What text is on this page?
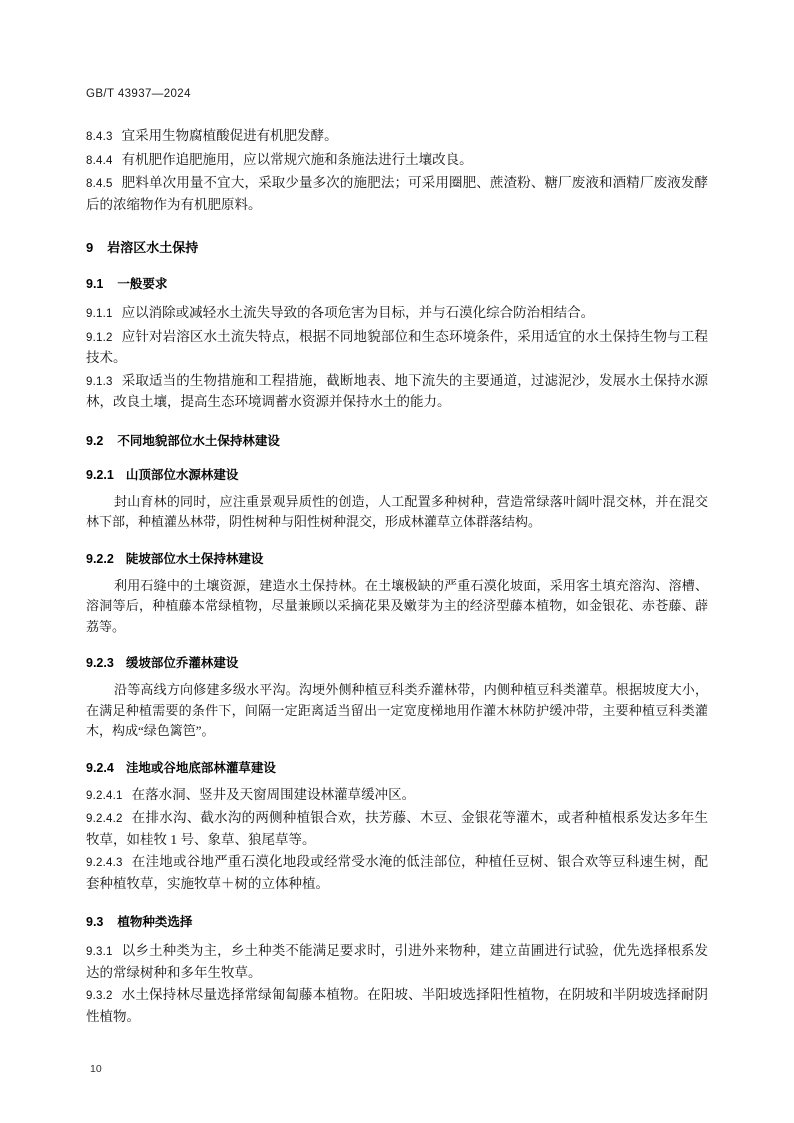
GB/T 43937—2024

8.4.3 宜采用生物腐植酸促进有机肥发酵。

8.4.4 有机肥作追肥施用，应以常规穴施和条施法进行土壤改良。

8.4.5 肥料单次用量不宜大，采取少量多次的施肥法；可采用圈肥、蔗渣粉、糖厂废液和酒精厂废液发酵后的浓缩物作为有机肥原料。

9 岩溶区水土保持
9.1 一般要求

9.1.1 应以消除或减轻水土流失导致的各项危害为目标，并与石漠化综合防治相结合。

9.1.2 应针对岩溶区水土流失特点，根据不同地貌部位和生态环境条件，采用适宜的水土保持生物与工程技术。

9.1.3 采取适当的生物措施和工程措施，截断地表、地下流失的主要通道，过滤泥沙，发展水土保持水源林，改良土壤，提高生态环境调蓄水资源并保持水土的能力。

9.2 不同地貌部位水土保持林建设
9.2.1 山顶部位水源林建设

封山育林的同时，应注重景观异质性的创造，人工配置多种树种，营造常绿落叶阔叶混交林，并在混交林下部，种植灌丛林带，阴性树种与阳性树种混交，形成林灌草立体群落结构。

9.2.2 陡坡部位水土保持林建设

利用石缝中的土壤资源，建造水土保持林。在土壤极缺的严重石漠化坡面，采用客土填充溶沟、溶槽、溶洞等后，种植藤本常绿植物，尽量兼顾以采摘花果及嫩芽为主的经济型藤本植物，如金银花、赤苍藤、薜荔等。

9.2.3 缓坡部位乔灌林建设

沿等高线方向修建多级水平沟。沟埂外侧种植豆科类乔灌林带，内侧种植豆科类灌草。根据坡度大小，在满足种植需要的条件下，间隔一定距离适当留出一定宽度梯地用作灌木林防护缓冲带，主要种植豆科类灌木，构成“绿色篱笆”。

9.2.4 洼地或谷地底部林灌草建设

9.2.4.1 在落水洞、竖井及天窗周围建设林灌草缓冲区。

9.2.4.2 在排水沟、截水沟的两侧种植银合欢，扶芳藤、木豆、金银花等灌木，或者种植根系发达多年生牧草，如桂牧 1 号、象草、狼尾草等。

9.2.4.3 在洼地或谷地严重石漠化地段或经常受水淹的低洼部位，种植任豆树、银合欢等豆科速生树，配套种植牧草，实施牧草＋树的立体种植。

9.3 植物种类选择

9.3.1 以乡土种类为主，乡土种类不能满足要求时，引进外来物种，建立苗圃进行试验，优先选择根系发达的常绿树种和多年生牧草。

9.3.2 水土保持林尽量选择常绿匍匐藤本植物。在阳坡、半阳坡选择阳性植物，在阴坡和半阴坡选择耐阴性植物。

10
